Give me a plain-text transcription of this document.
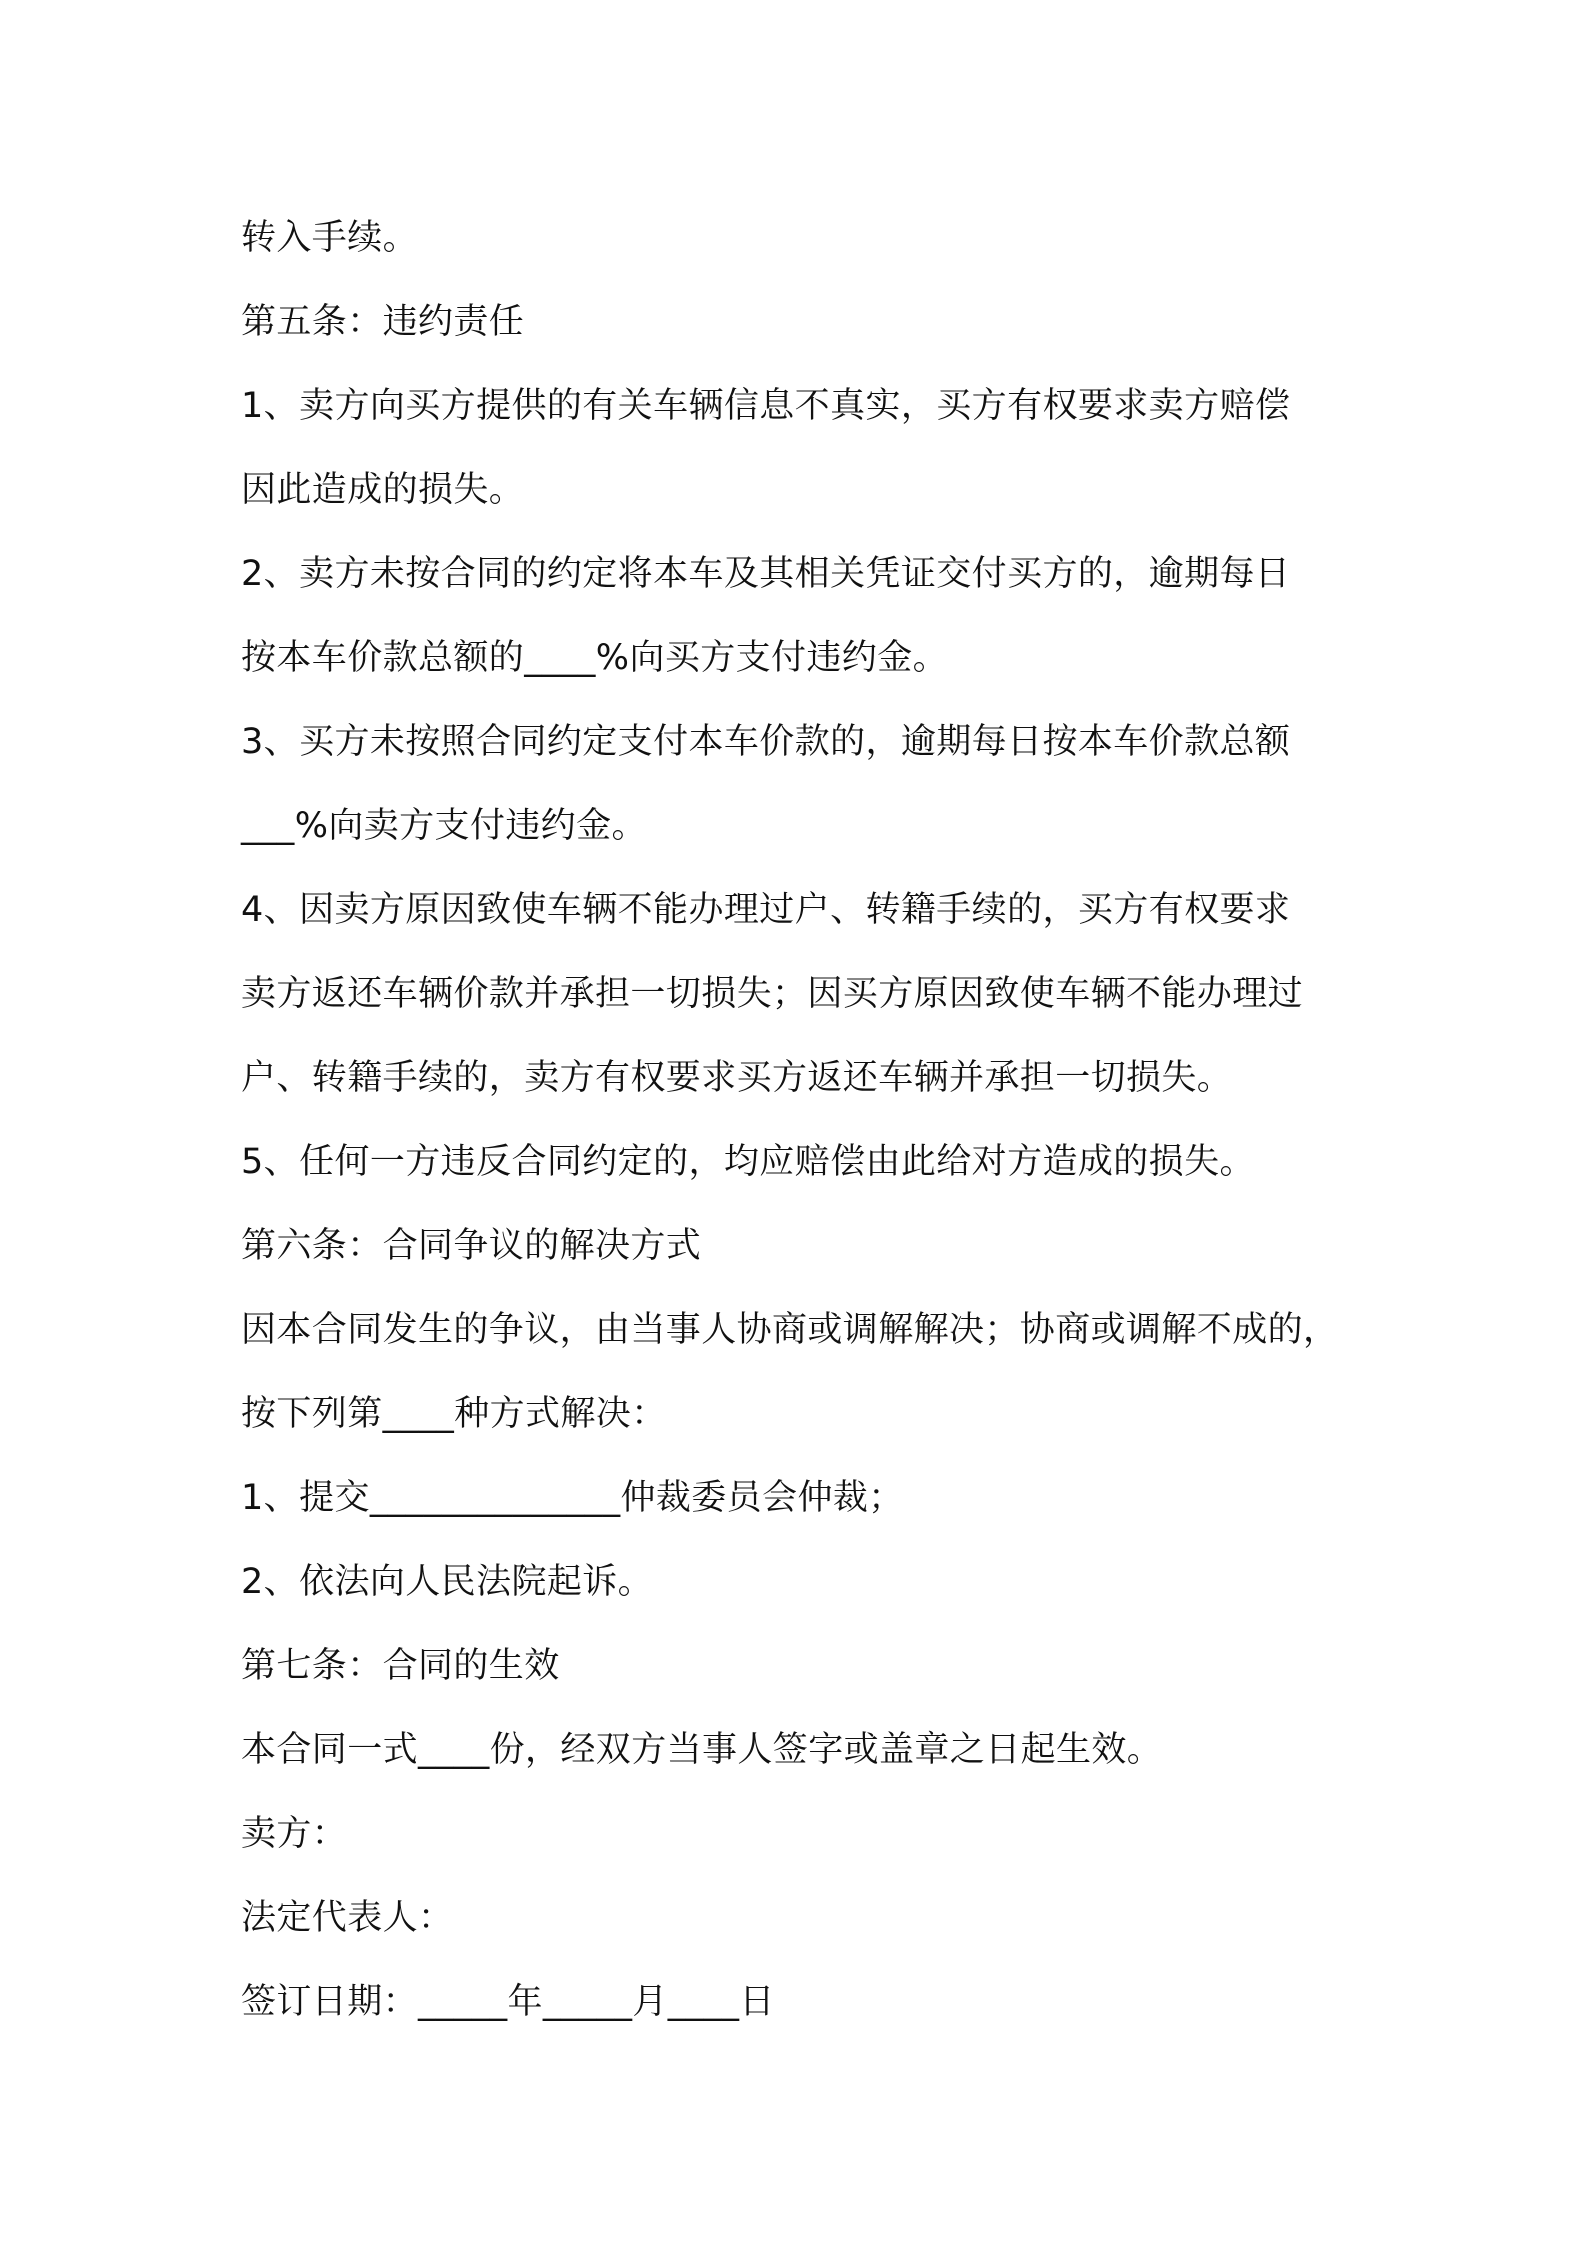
转入手续。
第五条：违约责任
1、卖方向买方提供的有关车辆信息不真实，买方有权要求卖方赔偿
因此造成的损失。
2、卖方未按合同的约定将本车及其相关凭证交付买方的，逾期每日
按本车价款总额的____%向买方支付违约金。
3、买方未按照合同约定支付本车价款的，逾期每日按本车价款总额
___%向卖方支付违约金。
4、因卖方原因致使车辆不能办理过户、转籍手续的，买方有权要求
卖方返还车辆价款并承担一切损失；因买方原因致使车辆不能办理过
户、转籍手续的，卖方有权要求买方返还车辆并承担一切损失。
5、任何一方违反合同约定的，均应赔偿由此给对方造成的损失。
第六条：合同争议的解决方式
因本合同发生的争议，由当事人协商或调解解决；协商或调解不成的，
按下列第____种方式解决：
1、提交______________仲裁委员会仲裁；
2、依法向人民法院起诉。
第七条：合同的生效
本合同一式____份，经双方当事人签字或盖章之日起生效。
卖方：
法定代表人：
签订日期：_____年_____月____日
